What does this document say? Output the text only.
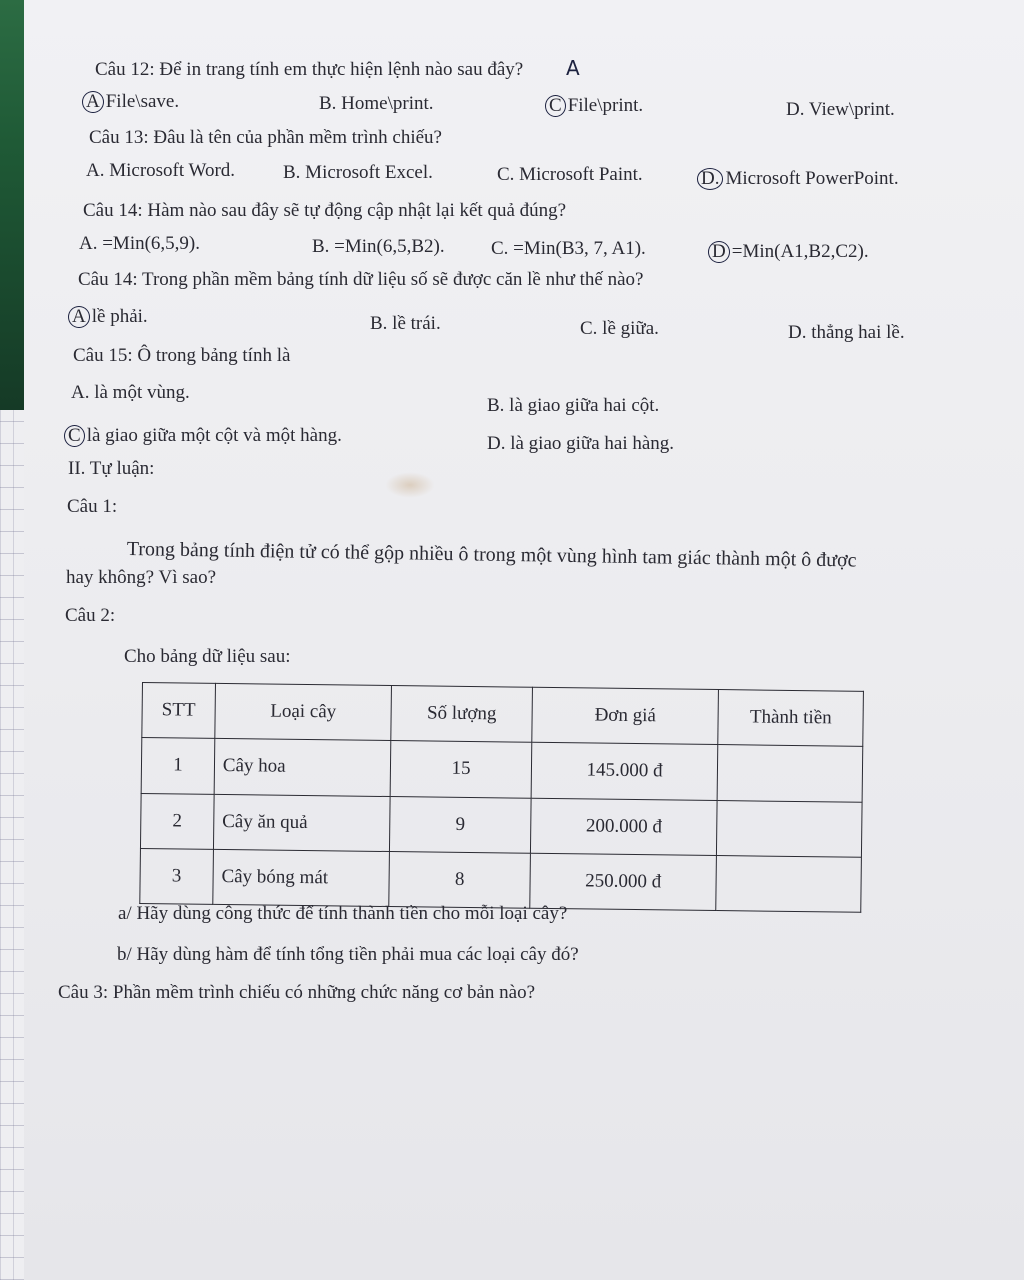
Câu 12: Để in trang tính em thực hiện lệnh nào sau đây? A
A File\save.	B. Home\print.	C File\print.	D. View\print.
Câu 13: Đâu là tên của phần mềm trình chiếu?
A. Microsoft Word.	B. Microsoft Excel.	C. Microsoft Paint.	D. Microsoft PowerPoint.
Câu 14: Hàm nào sau đây sẽ tự động cập nhật lại kết quả đúng?
A. =Min(6,5,9).	B. =Min(6,5,B2). C. =Min(B3, 7, A1).	D =Min(A1,B2,C2).
Câu 14: Trong phần mềm bảng tính dữ liệu số sẽ được căn lề như thế nào?
A lề phải.	B. lề trái.	C. lề giữa.	D. thẳng hai lề.
Câu 15: Ô trong bảng tính là
A. là một vùng.
B. là giao giữa hai cột.
C là giao giữa một cột và một hàng.	D. là giao giữa hai hàng.
II. Tự luận:
Câu 1:
Trong bảng tính điện tử có thể gộp nhiều ô trong một vùng hình tam giác thành một ô được
hay không? Vì sao?
Câu 2:
Cho bảng dữ liệu sau:
STT	Loại cây	Số lượng	Đơn giá	Thành tiền
1	Cây hoa	15	145.000 đ	
2	Cây ăn quả	9	200.000 đ	
3	Cây bóng mát	8	250.000 đ	
a/ Hãy dùng công thức để tính thành tiền cho mỗi loại cây?
b/ Hãy dùng hàm để tính tổng tiền phải mua các loại cây đó?
Câu 3: Phần mềm trình chiếu có những chức năng cơ bản nào?
